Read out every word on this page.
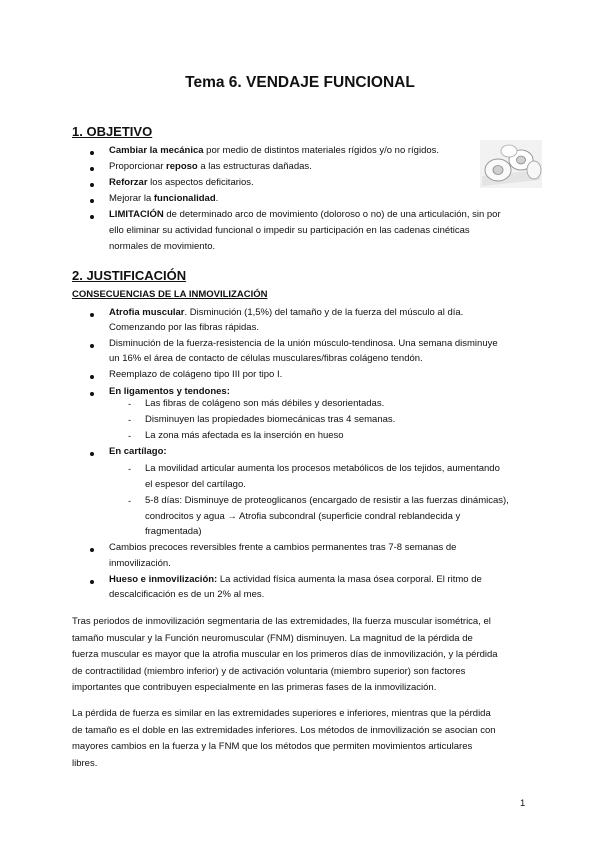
Tema 6. VENDAJE FUNCIONAL
1. OBJETIVO
Cambiar la mecánica por medio de distintos materiales rígidos y/o no rígidos.
Proporcionar reposo a las estructuras dañadas.
Reforzar los aspectos deficitarios.
Mejorar la funcionalidad.
LIMITACIÓN de determinado arco de movimiento (doloroso o no) de una articulación, sin por
ello eliminar su actividad funcional o impedir su participación en las cadenas cinéticas
normales de movimiento.
2. JUSTIFICACIÓN
CONSECUENCIAS DE LA INMOVILIZACIÓN
Atrofia muscular. Disminución (1,5%) del tamaño y de la fuerza del músculo al día.
Comenzando por las fibras rápidas.
Disminución de la fuerza-resistencia de la unión músculo-tendinosa. Una semana disminuye
un 16% el área de contacto de células musculares/fibras colágeno tendón.
Reemplazo de colágeno tipo III por tipo I.
En ligamentos y tendones:
- Las fibras de colágeno son más débiles y desorientadas.
- Disminuyen las propiedades biomecánicas tras 4 semanas.
- La zona más afectada es la inserción en hueso
En cartílago:
- La movilidad articular aumenta los procesos metabólicos de los tejidos, aumentando
el espesor del cartílago.
- 5-8 días: Disminuye de proteoglicanos (encargado de resistir a las fuerzas dinámicas),
condrocitos y agua → Atrofia subcondral (superficie condral reblandecida y
fragmentada)
Cambios precoces reversibles frente a cambios permanentes tras 7-8 semanas de
inmovilización.
Hueso e inmovilización: La actividad física aumenta la masa ósea corporal. El ritmo de
descalcificación es de un 2% al mes.
Tras periodos de inmovilización segmentaria de las extremidades, lla fuerza muscular isométrica, el
tamaño muscular y la Función neuromuscular (FNM) disminuyen. La magnitud de la pérdida de
fuerza muscular es mayor que la atrofia muscular en los primeros días de inmovilización, y la pérdida
de contractilidad (miembro inferior) y de activación voluntaria (miembro superior) son factores
importantes que contribuyen especialmente en las primeras fases de la inmovilización.
La pérdida de fuerza es similar en las extremidades superiores e inferiores, mientras que la pérdida
de tamaño es el doble en las extremidades inferiores. Los métodos de inmovilización se asocian con
mayores cambios en la fuerza y la FNM que los métodos que permiten movimientos articulares
libres.
1
